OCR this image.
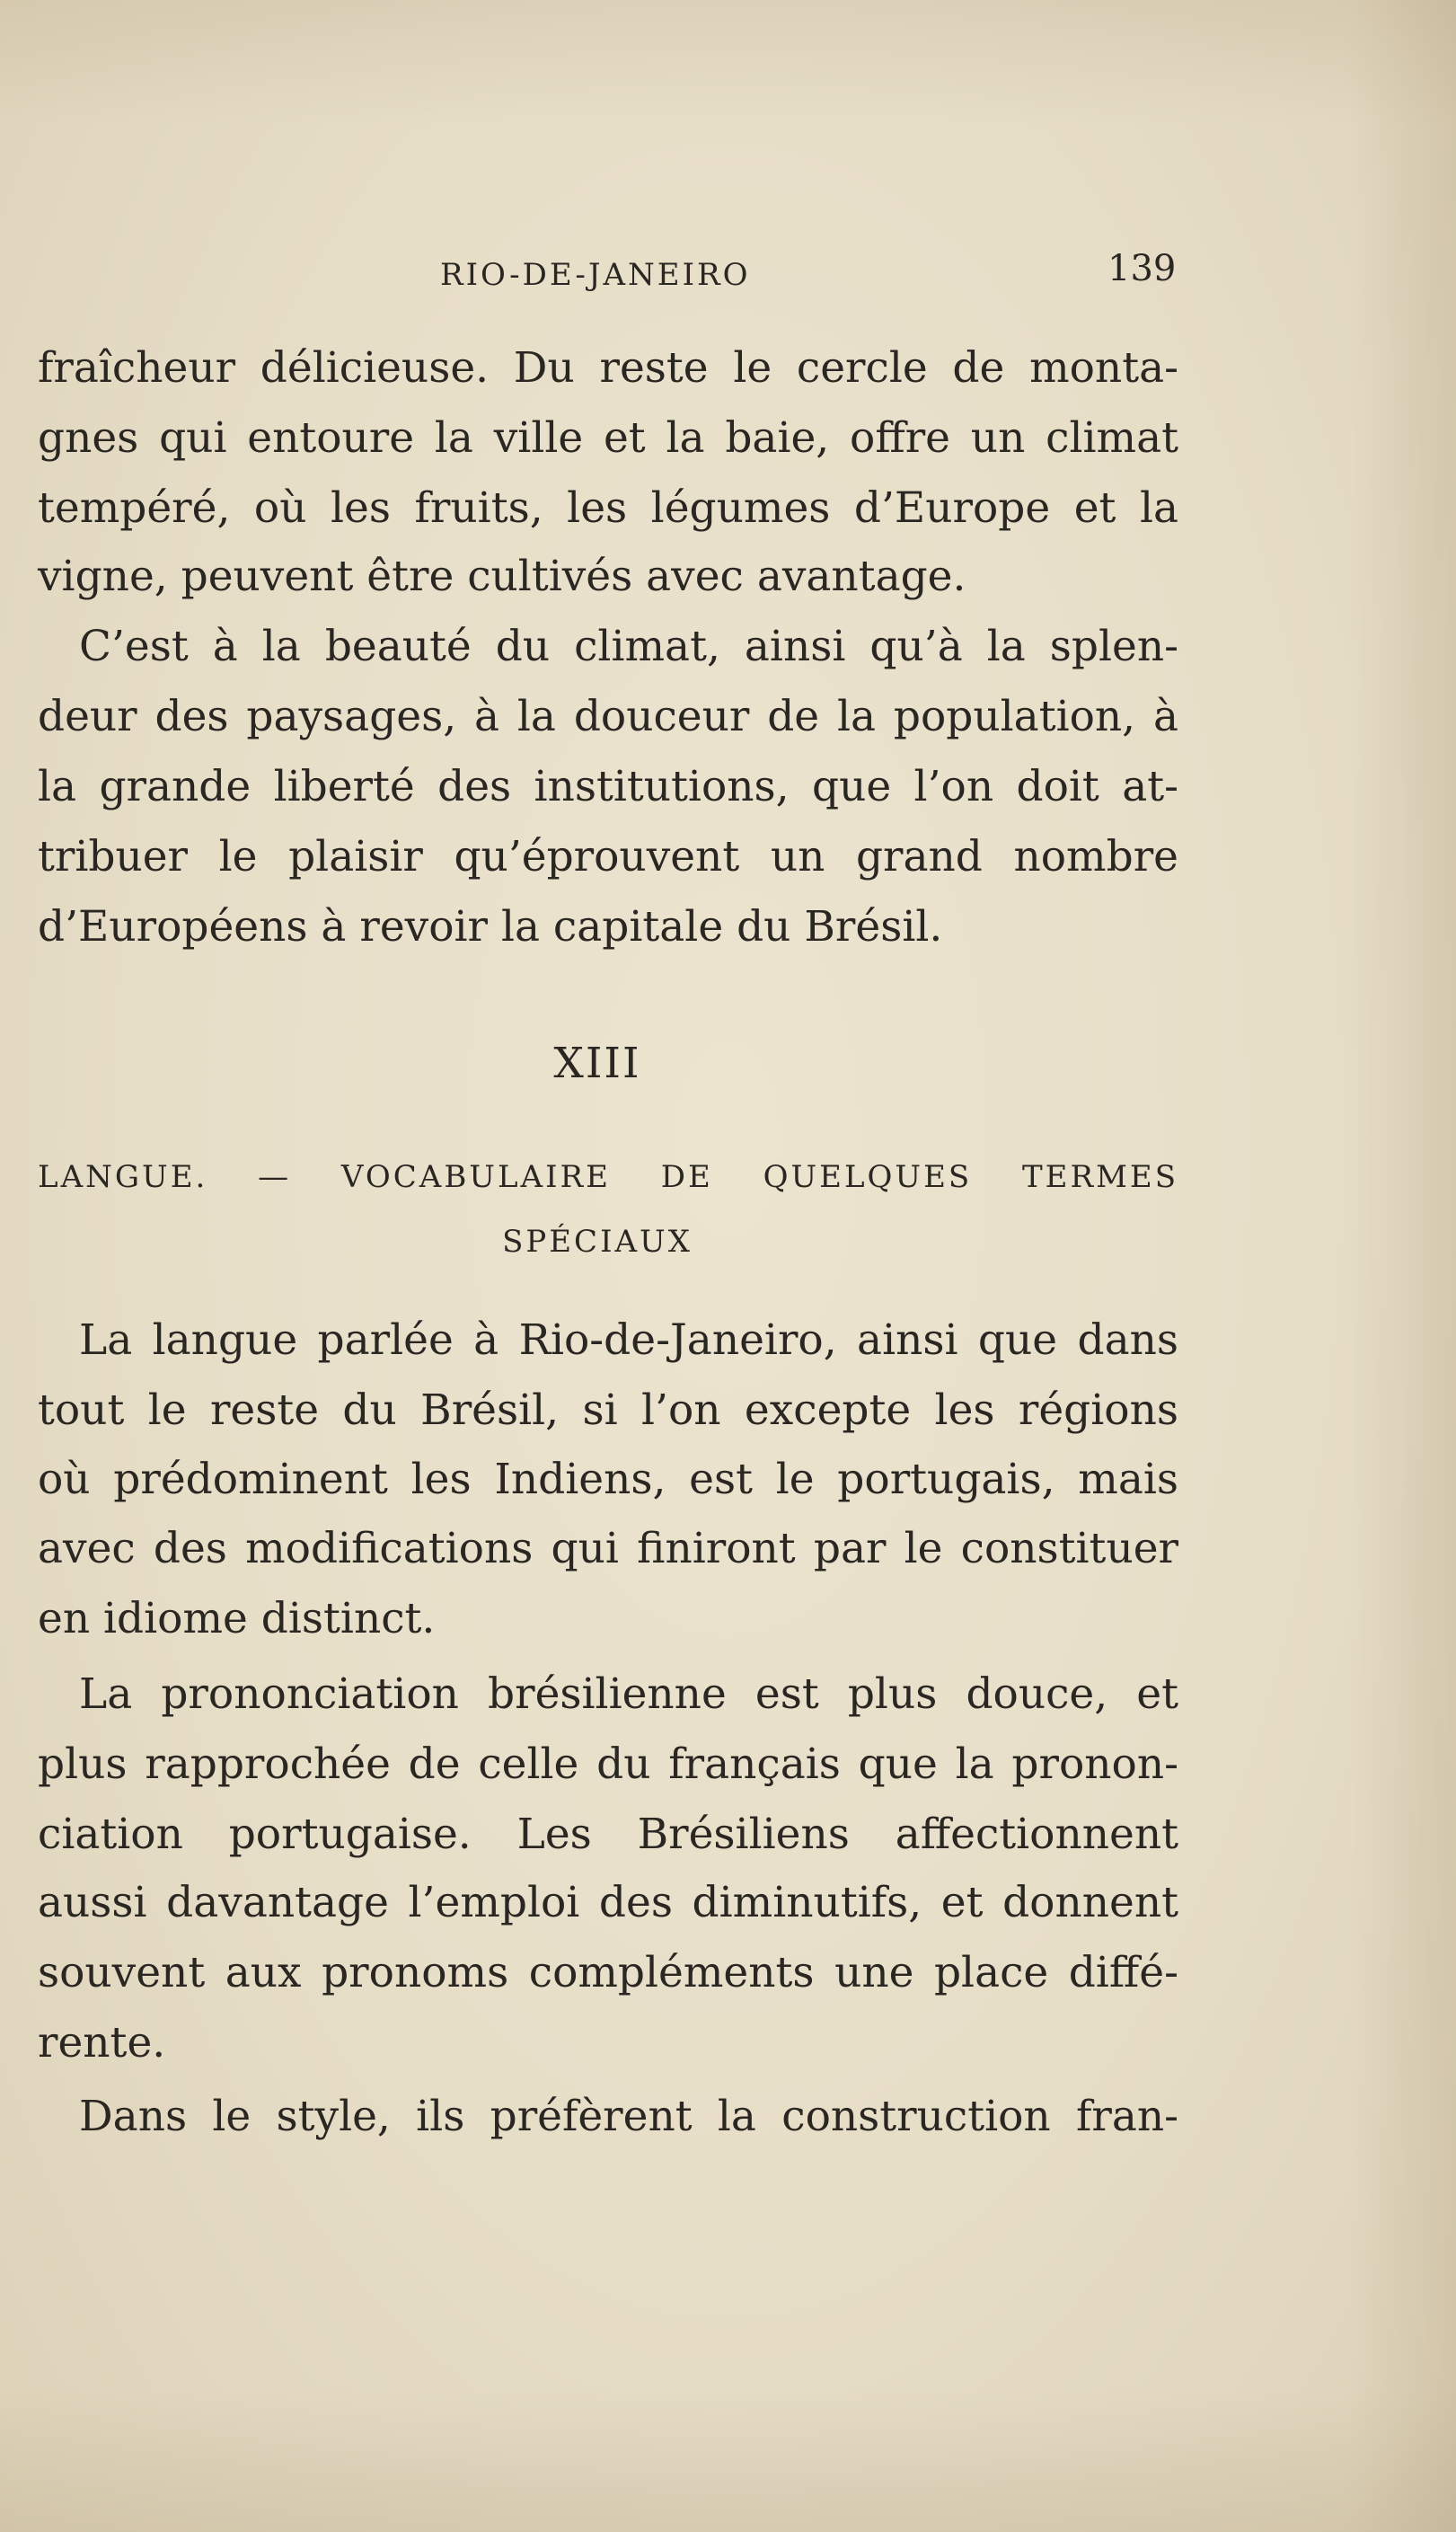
RIO-DE-JANEIRO	139
fraîcheur délicieuse. Du reste le cercle de monta-
gnes qui entoure la ville et la baie, offre un climat
tempéré, où les fruits, les légumes d’Europe et la
vigne, peuvent être cultivés avec avantage.
C’est à la beauté du climat, ainsi qu’à la splen-
deur des paysages, à la douceur de la population, à
la grande liberté des institutions, que l’on doit at-
tribuer le plaisir qu’éprouvent un grand nombre
d’Européens à revoir la capitale du Brésil.
XIII
LANGUE. — VOCABULAIRE DE QUELQUES TERMES
SPÉCIAUX
La langue parlée à Rio-de-Janeiro, ainsi que dans
tout le reste du Brésil, si l’on excepte les régions
où prédominent les Indiens, est le portugais, mais
avec des modifications qui finiront par le constituer
en idiome distinct.
La prononciation brésilienne est plus douce, et
plus rapprochée de celle du français que la pronon-
ciation portugaise. Les Brésiliens affectionnent
aussi davantage l’emploi des diminutifs, et donnent
souvent aux pronoms compléments une place diffé-
rente.
Dans le style, ils préfèrent la construction fran-
